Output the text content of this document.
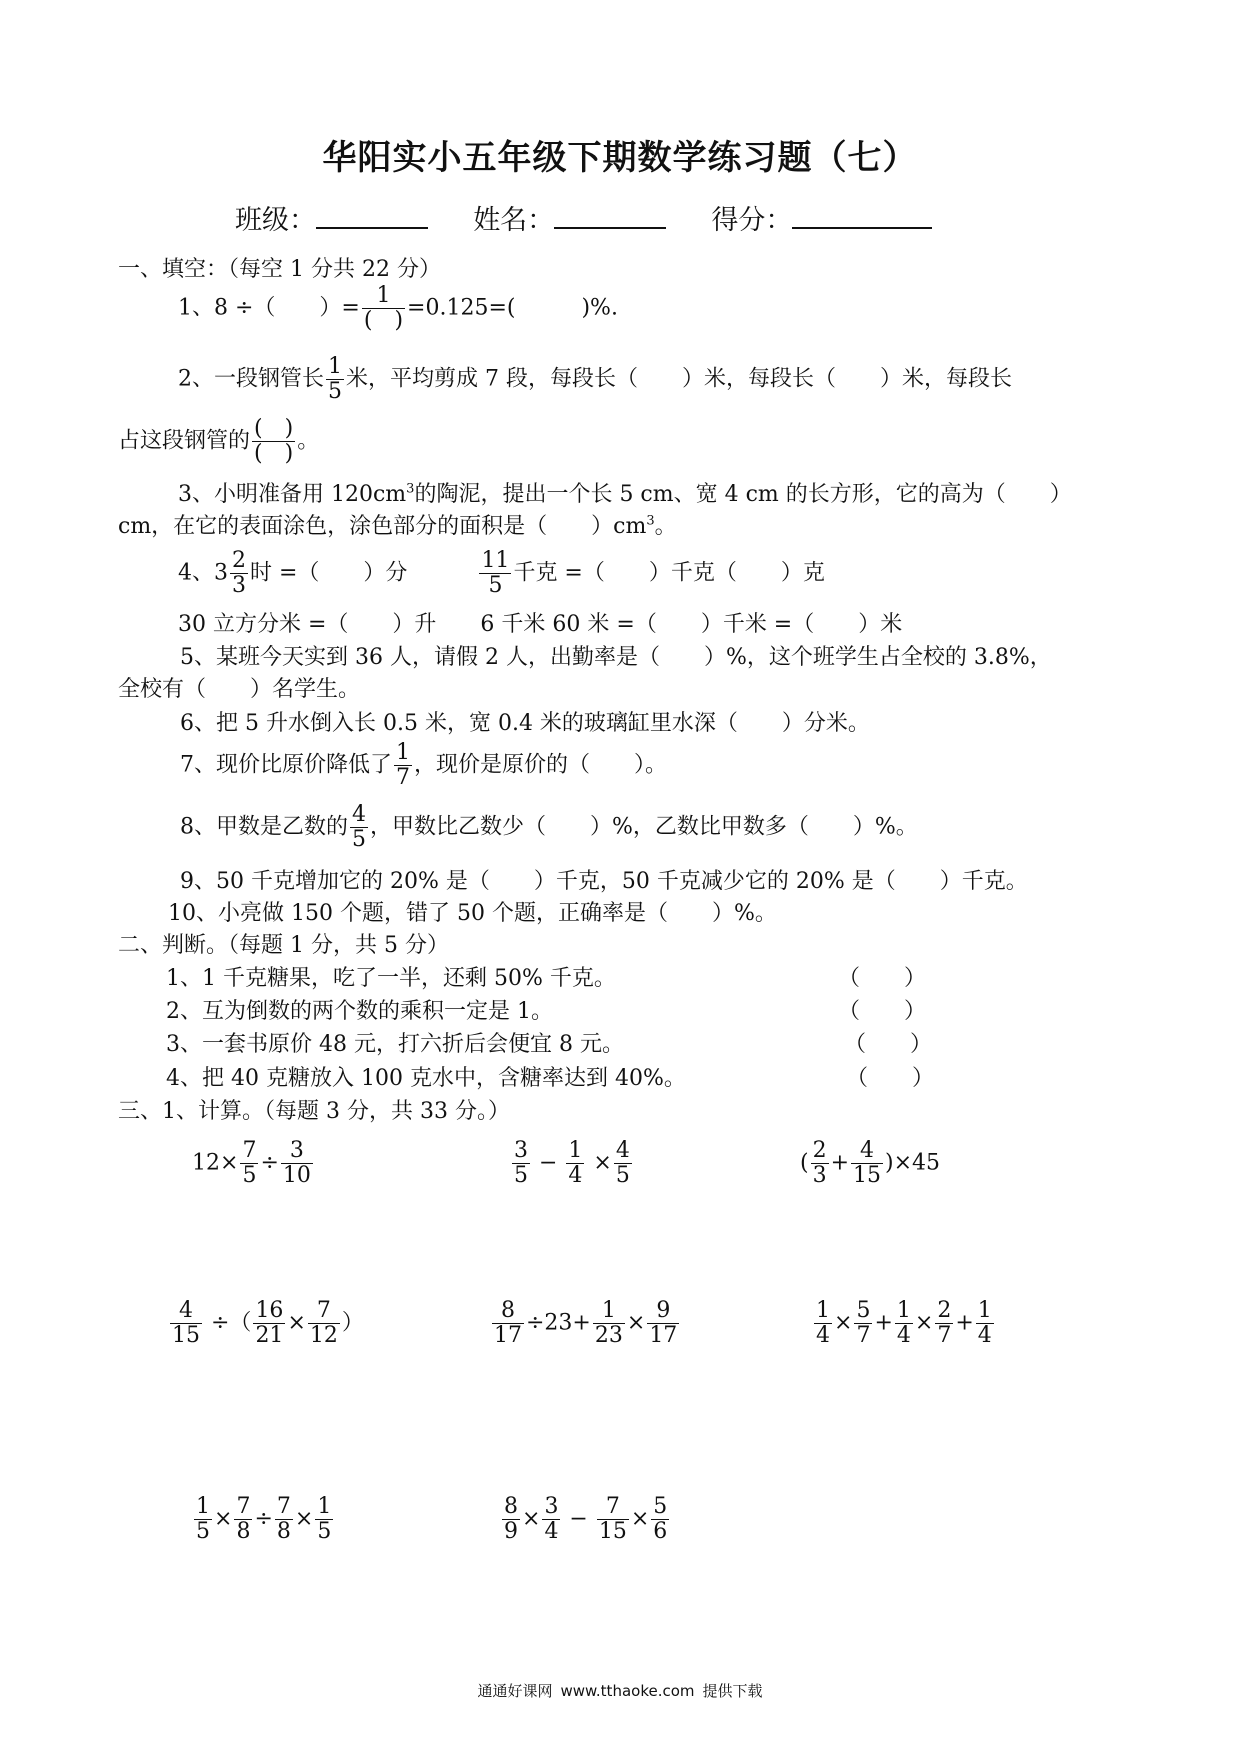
华阳实小五年级下期数学练习题（七）
班级：	姓名：	得分：
一、填空：（每空 1 分共 22 分）
1、8 ÷（　　）= $\frac{1}{( )} =0.125=$(　　　)%.
2、一段钢管长 $\frac{1}{5}$ 米，平均剪成 7 段，每段长（　　）米，每段长（　　）米，每段长
占这段钢管的 $\frac{( )}{( )}$ 。
3、小明准备用 $120cm^3$的陶泥，提出一个长 5 cm、宽 4 cm 的长方形，它的高为（　　）
cm，在它的表面涂色，涂色部分的面积是（　　）$cm^3$。
4、$3 \frac{2}{3}$ 时 =（　　）分	$\frac{11}{5}$ 千克 =（　　）千克（　　）克
30 立方分米 =（　　）升　　6 千米 60 米 =（　　）千米 =（　　）米
5、某班今天实到 36 人，请假 2 人，出勤率是（　　）%，这个班学生占全校的 3.8%，
全校有（　　）名学生。
6、把 5 升水倒入长 0.5 米，宽 0.4 米的玻璃缸里水深（　　）分米。
7、现价比原价降低了 $\frac{1}{7}$ ，现价是原价的（　　）。
8、甲数是乙数的 $\frac{4}{5}$ ，甲数比乙数少（　　）%，乙数比甲数多（　　）%。
9、50 千克增加它的 20% 是（　　）千克，50 千克减少它的 20% 是（　　）千克。
10、小亮做 150 个题，错了 50 个题，正确率是（　　）%。
二、判断。（每题 1 分，共 5 分）
1、1 千克糖果，吃了一半，还剩 50% 千克。	（　　）
2、互为倒数的两个数的乘积一定是 1。	（　　）
3、一套书原价 48 元，打六折后会便宜 8 元。	（　　）
4、把 40 克糖放入 100 克水中，含糖率达到 40%。	（　　）
三、1、计算。（每题 3 分，共 33 分。）
$12\times \frac{7}{5} \div \frac{3}{10}$	$\frac{3}{5} - \frac{1}{4} \times \frac{4}{5}$	( $\frac{2}{3} + \frac{4}{15} )\times 45$
$\frac{4}{15}$ ÷（ $\frac{16}{21} \times \frac{7}{12}$ ）	$\frac{8}{17} \div 23+ \frac{1}{23} \times \frac{9}{17}$	$\frac{1}{4} \times \frac{5}{7} + \frac{1}{4} \times \frac{2}{7} + \frac{1}{4}$
$\frac{1}{5} \times \frac{7}{8} \div \frac{7}{8} \times \frac{1}{5}$	$\frac{8}{9} \times \frac{3}{4} - \frac{7}{15} \times \frac{5}{6}$
通通好课网 www.tthaoke.com 提供下载
